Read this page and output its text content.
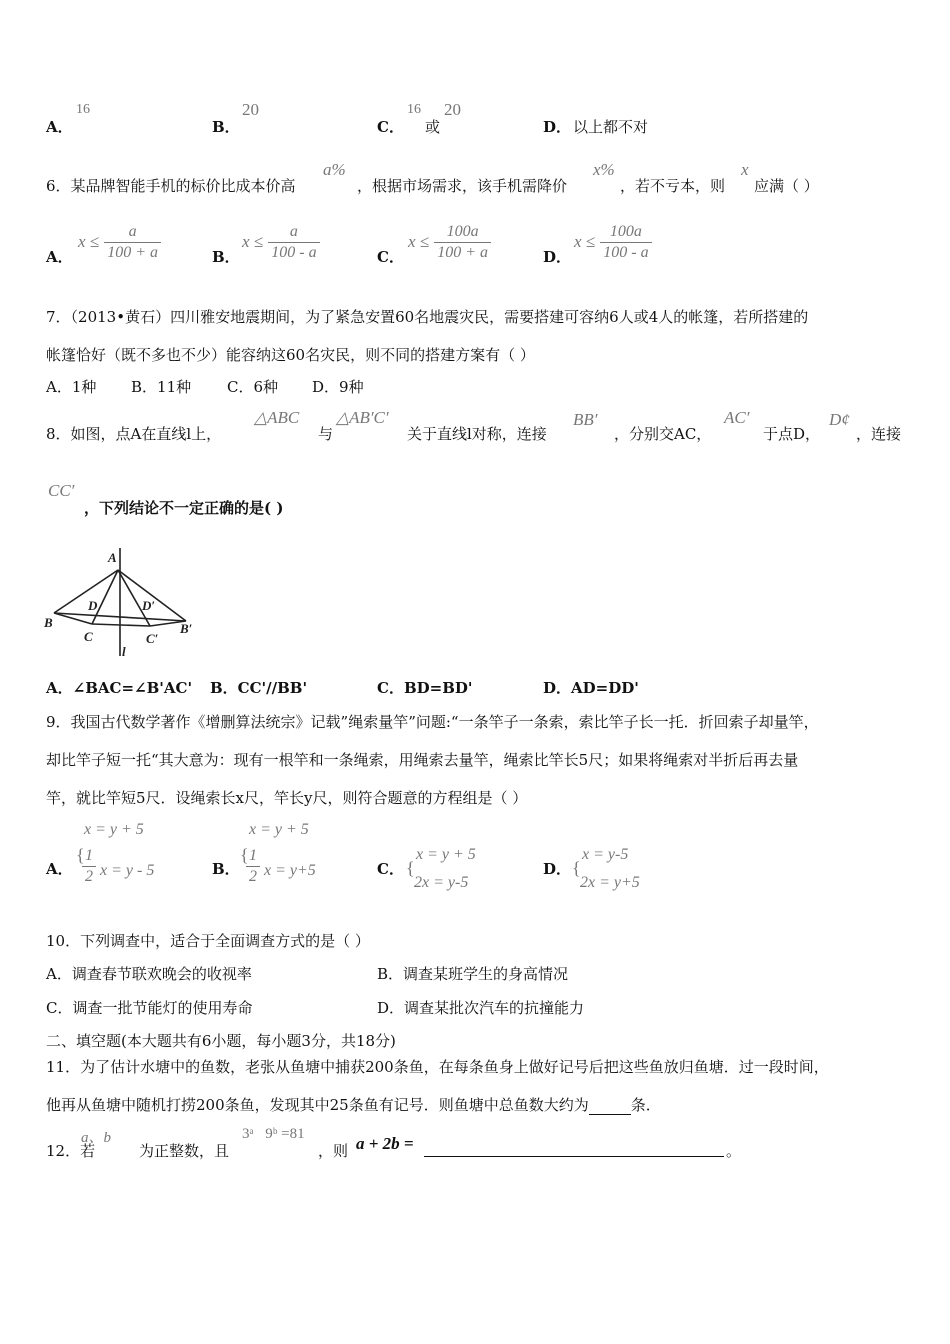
A．
16
B．
20
C．
16
或
20
D． 以上都不对
6．某品牌智能手机的标价比成本价高
a%
，根据市场需求，该手机需降价
x%
，若不亏本，则
x
应满（ ）
A．
$x \le \frac{a}{100 + a}$	B．
$x \le \frac{a}{100 - a}$	C．
$x \le \frac{100a}{100 + a}$	D．
$x \le \frac{100a}{100 - a}$
7．（2013•黄石）四川雅安地震期间，为了紧急安置60名地震灾民，需要搭建可容纳6人或4人的帐篷，若所搭建的
帐篷恰好（既不多也不少）能容纳这60名灾民，则不同的搭建方案有（ ）
A．1种 B．11种 C．6种 D．9种
8．如图，点A在直线l上，
△ABC
与
△AB′C′
关于直线l对称，连接
BB′
，分别交AC，
AC′
于点D，
D¢
，连接
CC′
，下列结论不一定正确的是( )
A
B
C
D	D′
C′
B′
l
A．∠BAC=∠B'AC' B．CC'//BB'	C．BD=BD'	D．AD=DD'
9．我国古代数学著作《增删算法统宗》记载”绳索量竿”问题:“一条竿子一条索，索比竿子长一托．折回索子却量竿，
却比竿子短一托“其大意为：现有一根竿和一条绳索，用绳索去量竿，绳索比竿长5尺；如果将绳索对半折后再去量
竿，就比竿短5尺．设绳索长x尺，竿长y尺，则符合题意的方程组是（ ）
A．
x = y + 5
{
$\frac{1}{2}$ x = y - 5	B．
x = y + 5
{
$\frac{1}{2}$ x = y+5	C． {
x = y + 5
2x = y-5
D． {
x = y-5
2x = y+5
10．下列调查中，适合于全面调查方式的是（ ）
A．调查春节联欢晚会的收视率	B．调查某班学生的身高情况
C．调查一批节能灯的使用寿命	D．调查某批次汽车的抗撞能力
二、填空题(本大题共有6小题，每小题3分，共18分)
11．为了估计水塘中的鱼数，老张从鱼塘中捕获200条鱼，在每条鱼身上做好记号后把这些鱼放归鱼塘．过一段时间，
他再从鱼塘中随机打捞200条鱼，发现其中25条鱼有记号．则鱼塘中总鱼数大约为	条．
12．若
a、b
为正整数，且
3ᵃ⃞9ᵇ =81
，则 a + 2b =	。
